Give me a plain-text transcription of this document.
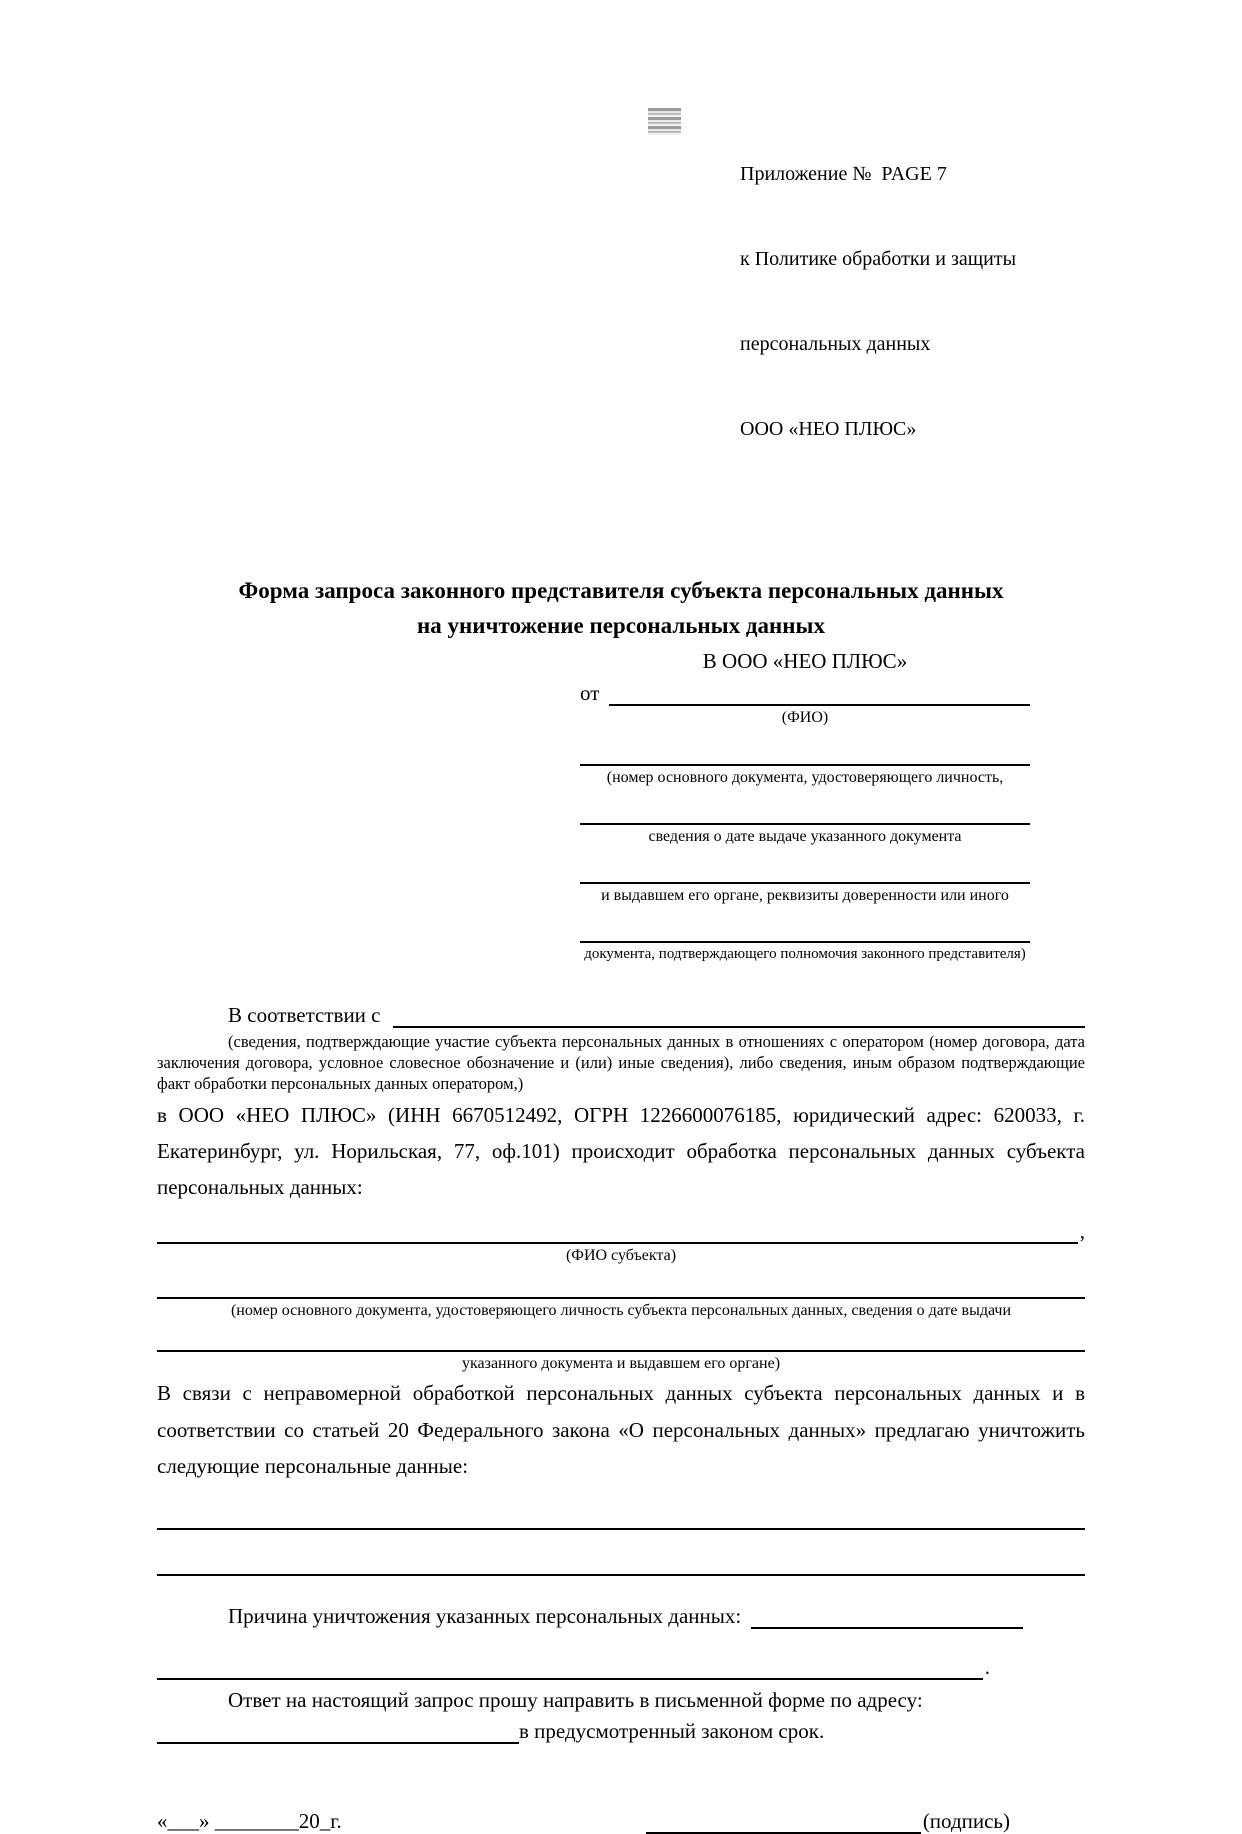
Приложение №  PAGE 7

к Политике обработки и защиты

персональных данных

ООО «НЕО ПЛЮС»

Форма запроса законного представителя субъекта персональных данных
на уничтожение персональных данных
В ООО «НЕО ПЛЮС»
от
(ФИО)
(номер основного документа, удостоверяющего личность,
сведения о дате выдаче указанного документа
и выдавшем его органе, реквизиты доверенности или иного
документа, подтверждающего полномочия законного представителя)
В соответствии с
(сведения, подтверждающие участие субъекта персональных данных в отношениях с оператором (номер договора, дата заключения договора, условное словесное обозначение и (или) иные сведения), либо сведения, иным образом подтверждающие факт обработки персональных данных оператором,)
в ООО «НЕО ПЛЮС» (ИНН 6670512492, ОГРН 1226600076185, юридический адрес: 620033, г. Екатеринбург, ул. Норильская, 77, оф.101) происходит обработка персональных данных субъекта персональных данных:
,
(ФИО субъекта)
(номер основного документа, удостоверяющего личность субъекта персональных данных, сведения о дате выдачи
указанного документа и выдавшем его органе)
В связи с неправомерной обработкой персональных данных субъекта персональных данных и в соответствии со статьей 20 Федерального закона «О персональных данных» предлагаю уничтожить следующие персональные данные:
Причина уничтожения указанных персональных данных:
.
Ответ на настоящий запрос прошу направить в письменной форме по адресу:
в предусмотренный законом срок.
«___» ________20_г.	(подпись)
